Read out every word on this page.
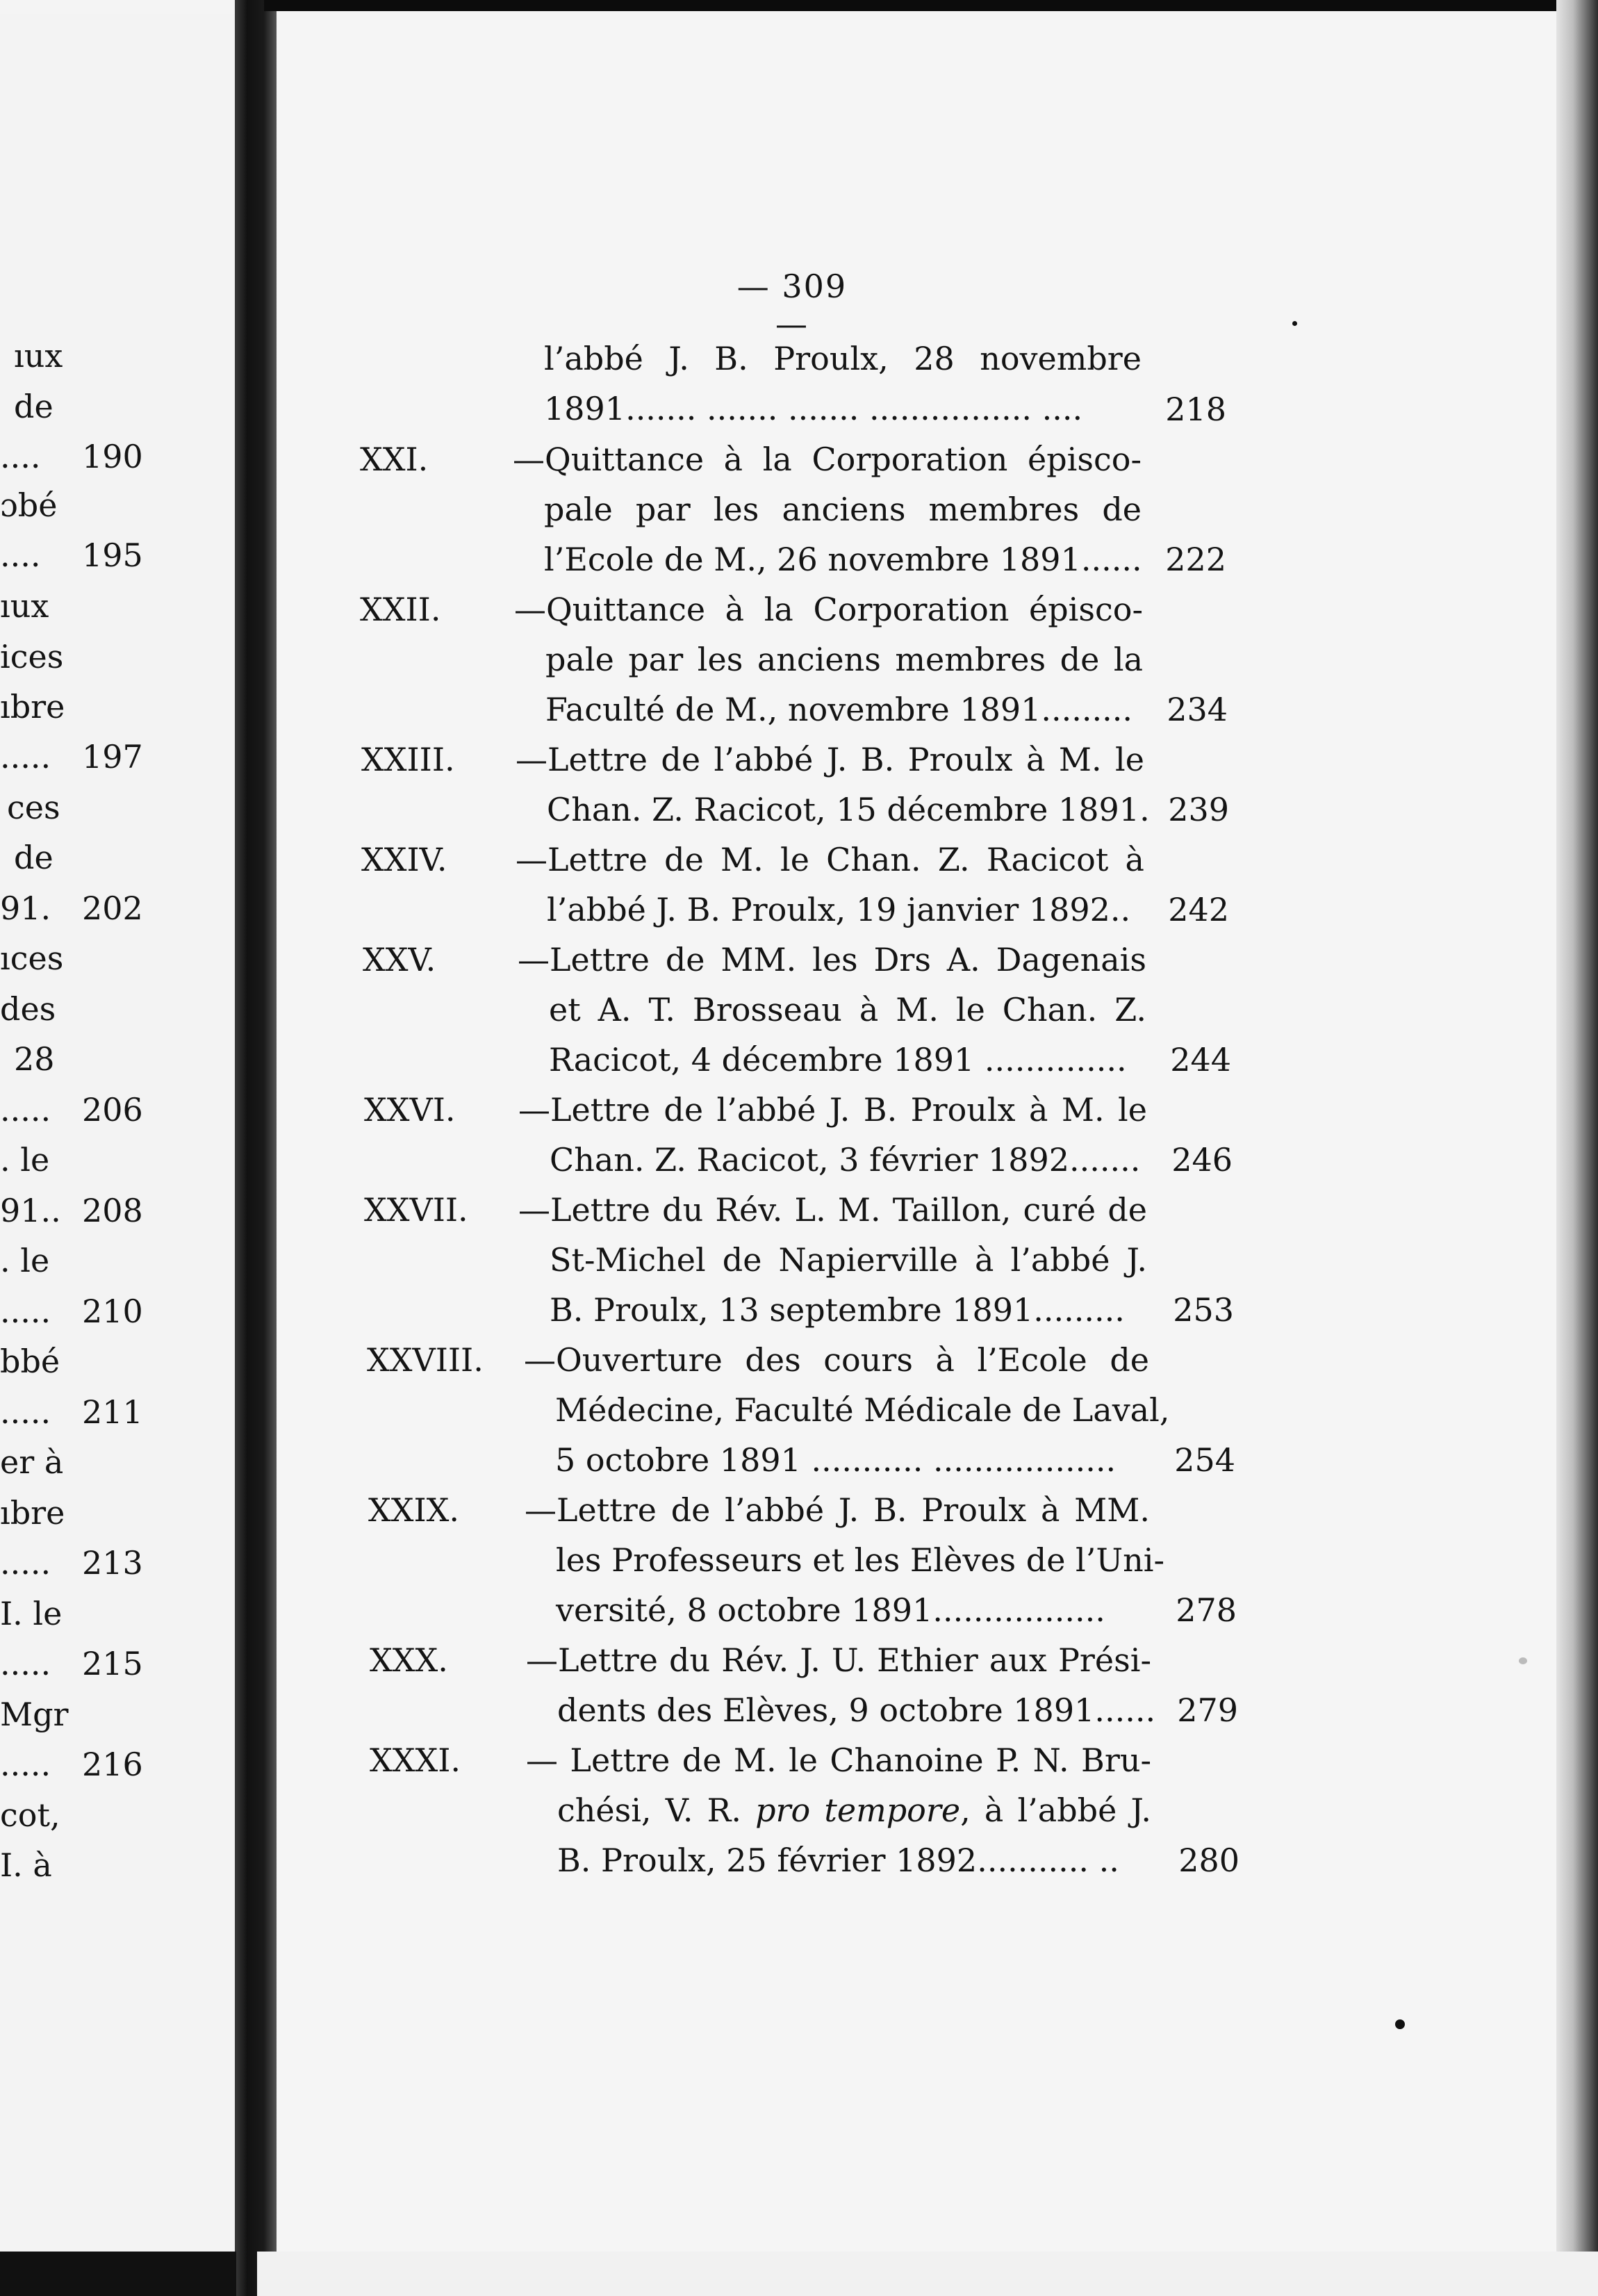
ıux
de
.... 190
ɔbé
.... 195
ıux
ices
ıbre
..... 197
ces
de
91. 202
ıces
des
28
..... 206
. le
91.. 208
. le
..... 210
bbé
..... 211
er à
ıbre
..... 213
I. le
..... 215
Mgr
..... 216
cot,
I. à
— 309 —
l’abbé J. B. Proulx, 28 novembre
1891....... ....... ....... ................ ....	218
XXI.	—Quittance à la Corporation épisco-
pale par les anciens membres de
l’Ecole de M., 26 novembre 1891...... 222
XXII. —Quittance à la Corporation épisco-
pale par les anciens membres de la
Faculté de M., novembre 1891.........	234
XXIII. —Lettre de l’abbé J. B. Proulx à M. le
Chan. Z. Racicot, 15 décembre 1891. 239
XXIV. —Lettre de M. le Chan. Z. Racicot à
l’abbé J. B. Proulx, 19 janvier 1892..	242
XXV.	—Lettre de MM. les Drs A. Dagenais
et A. T. Brosseau à M. le Chan. Z.
Racicot, 4 décembre 1891 ..............	244
XXVI. —Lettre de l’abbé J. B. Proulx à M. le
Chan. Z. Racicot, 3 février 1892....... 246
XXVII. —Lettre du Rév. L. M. Taillon, curé de
St-Michel de Napierville à l’abbé J.
B. Proulx, 13 septembre 1891.........	253
XXVIII. —Ouverture des cours à l’Ecole de
Médecine, Faculté Médicale de Laval,
5 octobre 1891 ........... ..................	254
XXIX. —Lettre de l’abbé J. B. Proulx à MM.
les Professeurs et les Elèves de l’Uni-
versité, 8 octobre 1891.................	278
XXX. —Lettre du Rév. J. U. Ethier aux Prési-
dents des Elèves, 9 octobre 1891...... 279
XXXI. — Lettre de M. le Chanoine P. N. Bru-
chési, V. R. pro tempore, à l’abbé J.
B. Proulx, 25 février 1892........... ..	280
